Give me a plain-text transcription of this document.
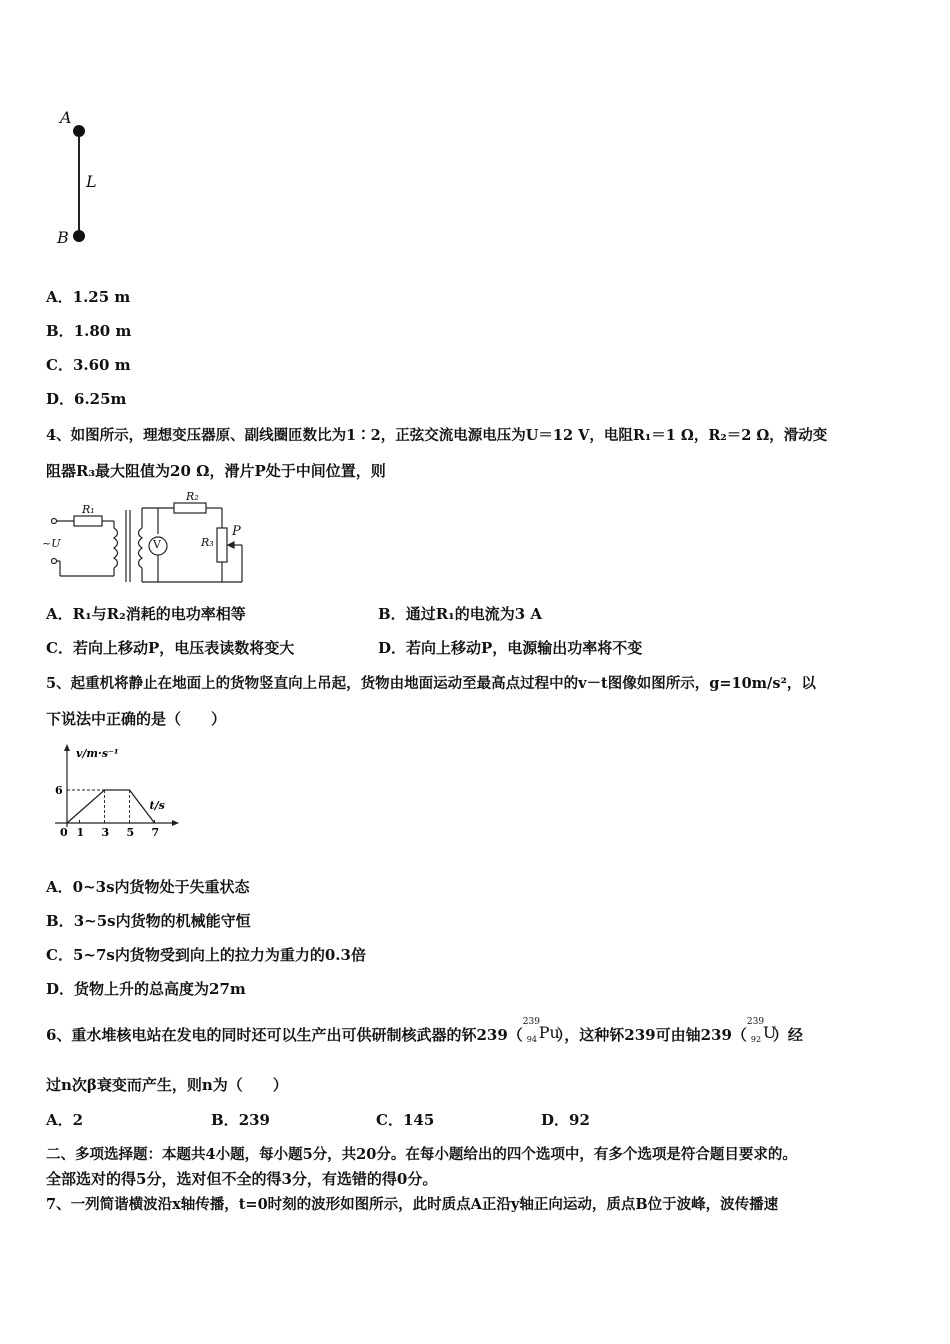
A
B
L
A．1.25 m
B．1.80 m
C．3.60 m
D．6.25m
4、如图所示，理想变压器原、副线圈匝数比为1∶2，正弦交流电源电压为U＝12 V，电阻R₁＝1 Ω，R₂＝2 Ω，滑动变
阻器R₃最大阻值为20 Ω，滑片P处于中间位置，则
~U
R₁
R₂
R₃
P
V
A．R₁与R₂消耗的电功率相等	B．通过R₁的电流为3 A
C．若向上移动P，电压表读数将变大	D．若向上移动P，电源输出功率将不变
5、起重机将静止在地面上的货物竖直向上吊起，货物由地面运动至最高点过程中的v－t图像如图所示，g=10m/s²，以
下说法中正确的是（　　）
v/m·s⁻¹
t/s
0 1 3 5 7
6
A．0~3s内货物处于失重状态
B．3~5s内货物的机械能守恒
C．5~7s内货物受到向上的拉力为重力的0.3倍
D．货物上升的总高度为27m
6、重水堆核电站在发电的同时还可以生产出可供研制核武器的钚239（
239
94 Pu
），这种钚239可由铀239（
239
92 U
）经
过n次β衰变而产生，则n为（　　）
A．2	B．239	C．145	D．92
二、多项选择题：本题共4小题，每小题5分，共20分。在每小题给出的四个选项中，有多个选项是符合题目要求的。
全部选对的得5分，选对但不全的得3分，有选错的得0分。
7、一列简谐横波沿x轴传播，t=0时刻的波形如图所示，此时质点A正沿y轴正向运动，质点B位于波峰，波传播速
